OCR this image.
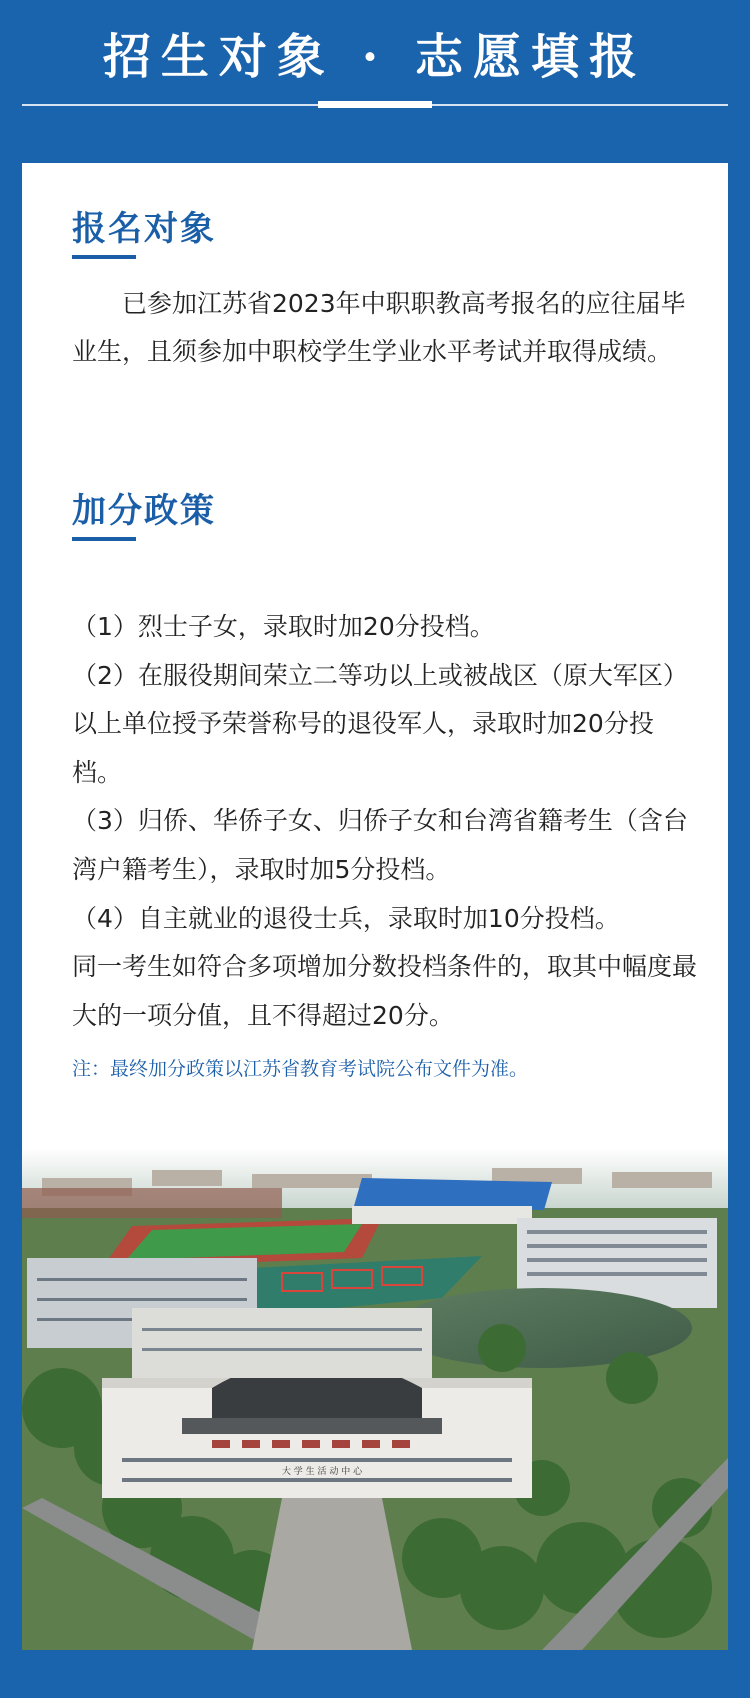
招生对象 · 志愿填报
报名对象

已参加江苏省2023年中职职教高考报名的应往届毕业生，且须参加中职校学生学业水平考试并取得成绩。

加分政策

（1）烈士子女，录取时加20分投档。

（2）在服役期间荣立二等功以上或被战区（原大军区）以上单位授予荣誉称号的退役军人，录取时加20分投档。

（3）归侨、华侨子女、归侨子女和台湾省籍考生（含台湾户籍考生），录取时加5分投档。

（4）自主就业的退役士兵，录取时加10分投档。

同一考生如符合多项增加分数投档条件的，取其中幅度最大的一项分值，且不得超过20分。

注：最终加分政策以江苏省教育考试院公布文件为准。
大 学 生 活 动 中 心
